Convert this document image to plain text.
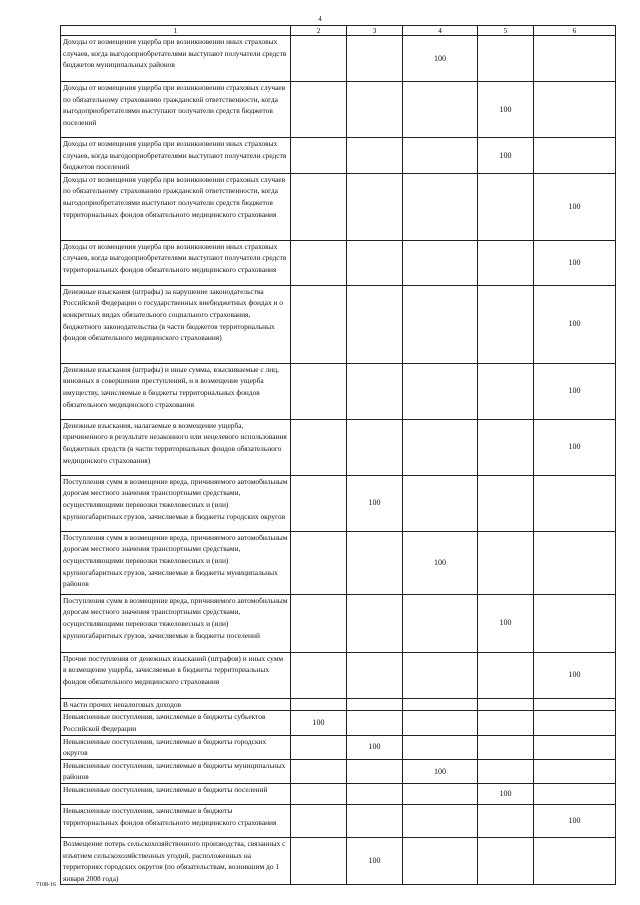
4
1	2	3	4	5	6
Доходы от возмещения ущерба при возникновении иных страховых случаев, когда выгодоприобретателями выступают получатели средств бюджетов муниципальных районов			100		
Доходы от возмещения ущерба при возникновении страховых случаев по обязательному страхованию гражданской ответственности, когда выгодоприобретателями выступают получатели средств бюджетов поселений				100	
Доходы от возмещения ущерба при возникновении иных страховых случаев, когда выгодоприобретателями выступают получатели средств бюджетов поселений				100	
Доходы от возмещения ущерба при возникновении страховых случаев по обязательному страхованию гражданской ответственности, когда выгодоприобретателями выступают получатели средств бюджетов территориальных фондов обязательного медицинского страхования					100
Доходы от возмещения ущерба при возникновении иных страховых случаев, когда выгодоприобретателями выступают получатели средств территориальных фондов обязательного медицинского страхования					100
Денежные взыскания (штрафы) за нарушение законодательства Российской Федерации о государственных внебюджетных фондах и о конкретных видах обязательного социального страхования, бюджетного законодательства (в части бюджетов территориальных фондов обязательного медицинского страхования)					100
Денежные взыскания (штрафы) и иные суммы, взыскиваемые с лиц, виновных в совершении преступлений, и в возмещение ущерба имуществу, зачисляемые в бюджеты территориальных фондов обязательного медицинского страхования					100
Денежные взыскания, налагаемые в возмещение ущерба, причиненного в результате незаконного или нецелевого использования бюджетных средств (в части территориальных фондов обязательного медицинского страхования)					100
Поступления сумм в возмещение вреда, причиняемого автомобильным дорогам местного значения транспортными средствами, осуществляющими перевозки тяжеловесных и (или) крупногабаритных грузов, зачисляемые в бюджеты городских округов		100			
Поступления сумм в возмещение вреда, причиняемого автомобильным дорогам местного значения транспортными средствами, осуществляющими перевозки тяжеловесных и (или) крупногабаритных грузов, зачисляемые в бюджеты муниципальных районов			100		
Поступления сумм в возмещение вреда, причиняемого автомобильным дорогам местного значения транспортными средствами, осуществляющими перевозки тяжеловесных и (или) крупногабаритных грузов, зачисляемые в бюджеты поселений				100	
Прочие поступления от денежных взысканий (штрафов) и иных сумм в возмещение ущерба, зачисляемые в бюджеты территориальных фондов обязательного медицинского страхования					100
В части прочих неналоговых доходов					
Невыясненные поступления, зачисляемые в бюджеты субъектов Российской Федерации	100				
Невыясненные поступления, зачисляемые в бюджеты городских округов		100			
Невыясненные поступления, зачисляемые в бюджеты муниципальных районов			100		
Невыясненные поступления, зачисляемые в бюджеты поселений				100	
Невыясненные поступления, зачисляемые в бюджеты территориальных фондов обязательного медицинского страхования					100
Возмещение потерь сельскохозяйственного производства, связанных с изъятием сельскохозяйственных угодий, расположенных на территориях городских округов (по обязательствам, возникшим до 1 января 2008 года)		100			
7108-16
